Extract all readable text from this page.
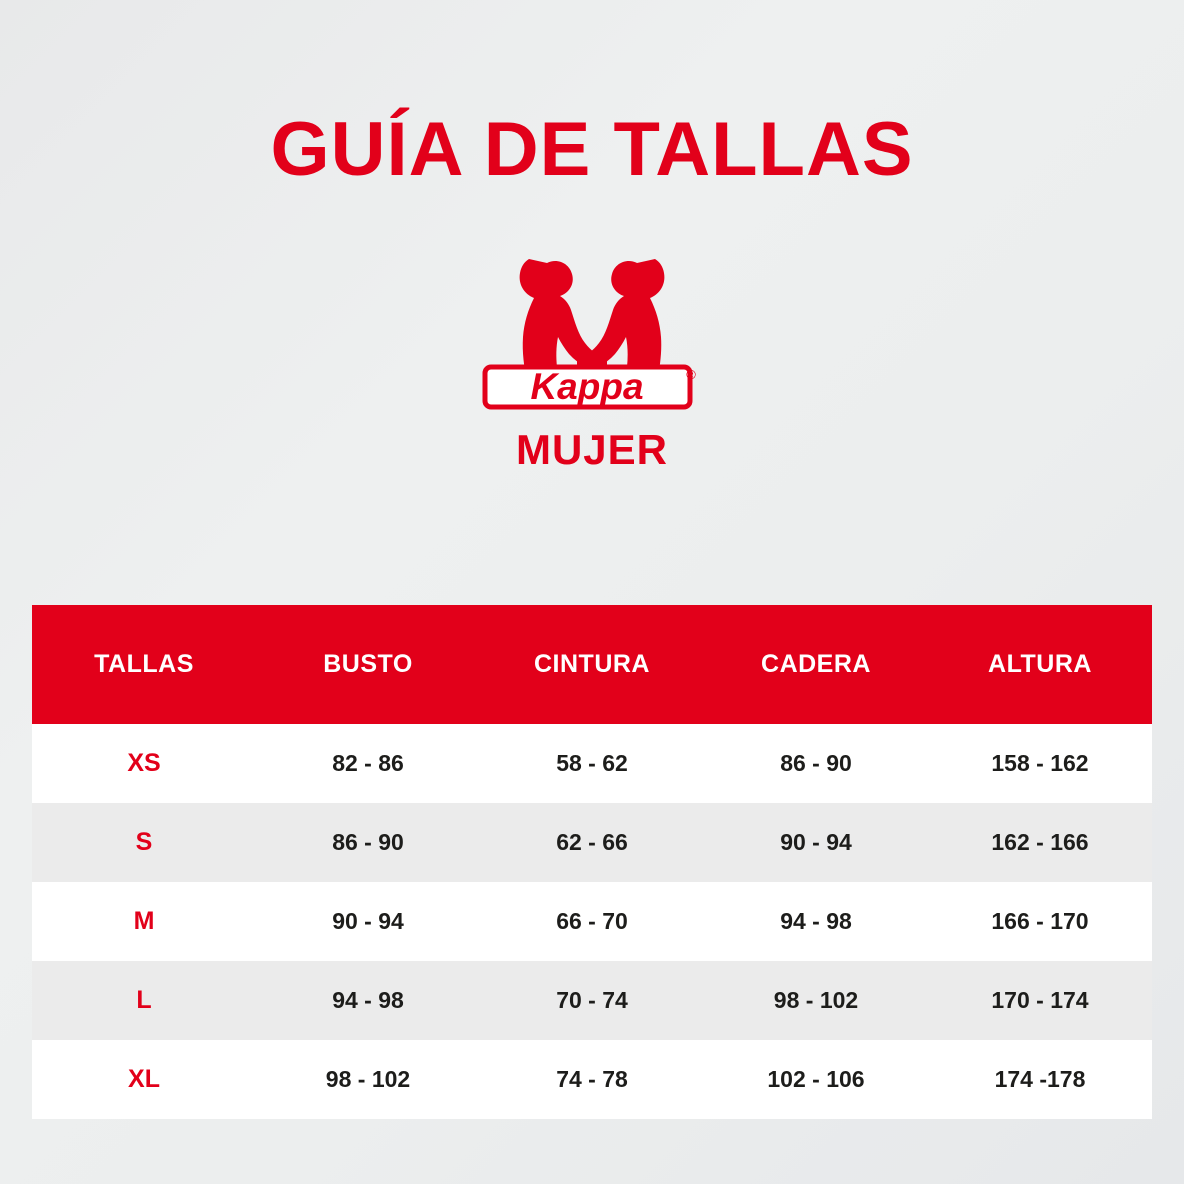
GUÍA DE TALLAS
Kappa	®
MUJER
TALLAS	BUSTO	CINTURA	CADERA	ALTURA
XS	82 - 86	58 - 62	86 - 90	158 - 162
S	86 - 90	62 - 66	90 - 94	162 - 166
M	90 - 94	66 - 70	94 - 98	166 - 170
L	94 - 98	70 - 74	98 - 102	170 - 174
XL	98 - 102	74 - 78	102 - 106	174 -178
